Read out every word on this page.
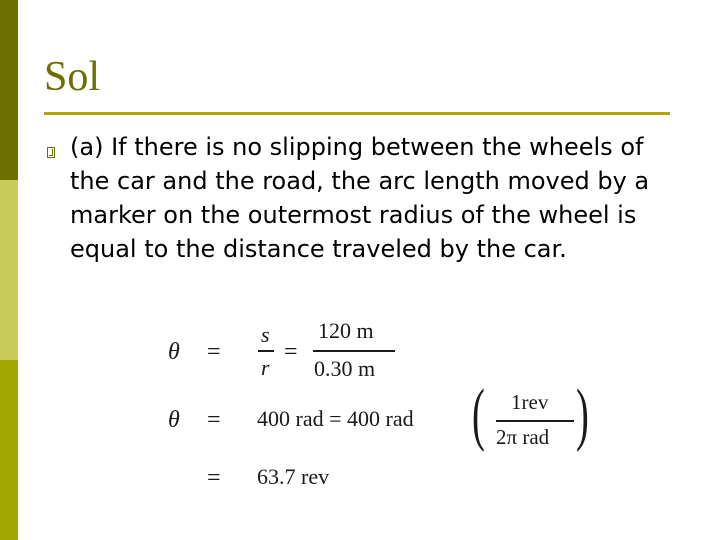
Sol
(a) If there is no slipping between the wheels of the car and the road, the arc length moved by a marker on the outermost radius of the wheel is equal to the distance traveled by the car.
θ =
s
r
=
120 m
0.30 m
θ = 400 rad = 400 rad ( 1rev
2π rad )
= 63.7 rev
